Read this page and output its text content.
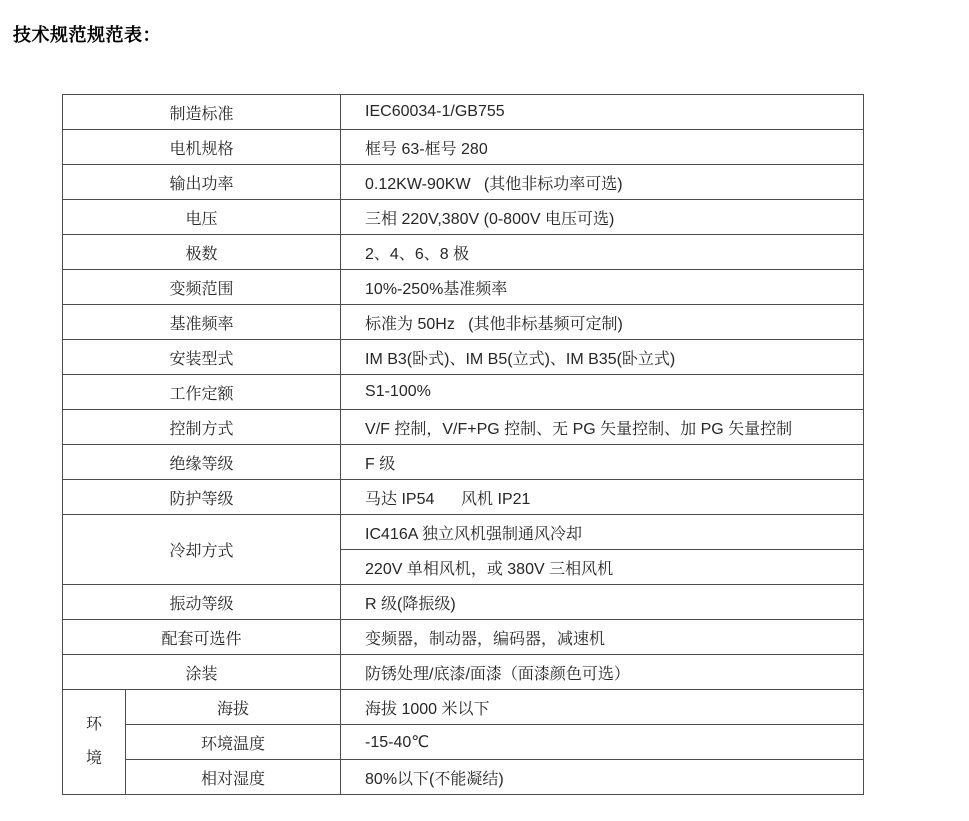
技术规范规范表：
制造标准		IEC60034-1/GB755
电机规格		框号 63-框号 280
输出功率		0.12KW-90KW   (其他非标功率可选)
电压		三相 220V,380V (0-800V 电压可选)
极数		2、4、6、8 极
变频范围		10%-250%基准频率
基准频率		标准为 50Hz   (其他非标基频可定制)
安装型式		IM B3(卧式)、IM B5(立式)、IM B35(卧立式)
工作定额		S1-100%
控制方式		V/F 控制，V/F+PG 控制、无 PG 矢量控制、加 PG 矢量控制
绝缘等级		F 级
防护等级		马达 IP54      风机 IP21
冷却方式		IC416A 独立风机强制通风冷却
		220V 单相风机，或 380V 三相风机
振动等级		R 级(降振级)
配套可选件		变频器，制动器，编码器，减速机
涂装		防锈处理/底漆/面漆（面漆颜色可选）
环境	海拔	海拔 1000 米以下
	环境温度	-15-40℃
	相对湿度	80%以下(不能凝结)
